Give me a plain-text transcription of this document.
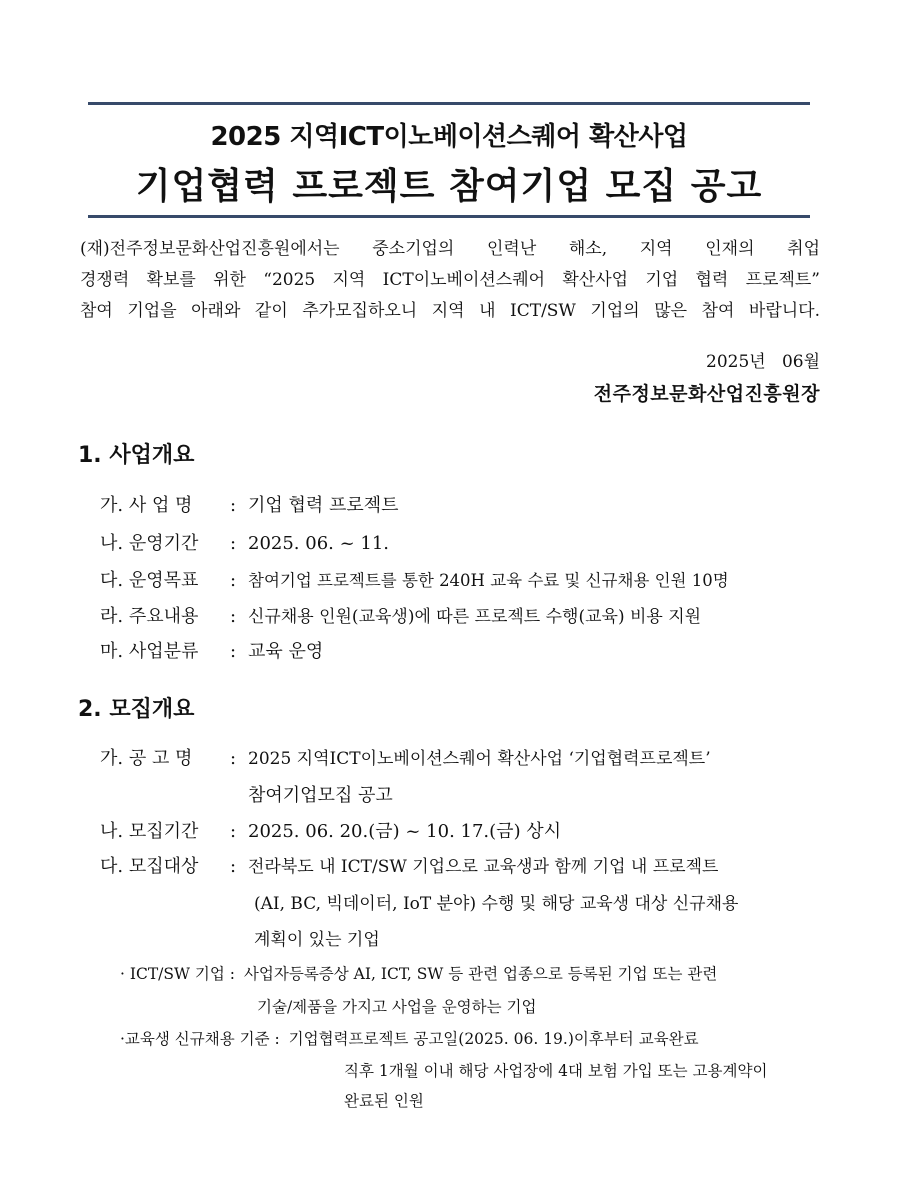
2025 지역ICT이노베이션스퀘어 확산사업
기업협력 프로젝트 참여기업 모집 공고
(재)전주정보문화산업진흥원에서는 중소기업의 인력난 해소, 지역 인재의 취업
경쟁력 확보를 위한 “2025 지역 ICT이노베이션스퀘어 확산사업 기업 협력 프로젝트”
참여 기업을 아래와 같이 추가모집하오니 지역 내 ICT/SW 기업의 많은 참여 바랍니다.
2025년   06월
전주정보문화산업진흥원장
1. 사업개요
가. 사 업 명 : 기업 협력 프로젝트
나. 운영기간 : 2025. 06. ~ 11.
다. 운영목표 : 참여기업 프로젝트를 통한 240H 교육 수료 및 신규채용 인원 10명
라. 주요내용 : 신규채용 인원(교육생)에 따른 프로젝트 수행(교육) 비용 지원
마. 사업분류 : 교육 운영
2. 모집개요
가. 공 고 명 : 2025 지역ICT이노베이션스퀘어 확산사업 ‘기업협력프로젝트’
참여기업모집 공고
나. 모집기간 : 2025. 06. 20.(금) ~ 10. 17.(금) 상시
다. 모집대상 : 전라북도 내 ICT/SW 기업으로 교육생과 함께 기업 내 프로젝트
(AI, BC, 빅데이터, IoT 분야) 수행 및 해당 교육생 대상 신규채용
계획이 있는 기업
· ICT/SW 기업 : 사업자등록증상 AI, ICT, SW 등 관련 업종으로 등록된 기업 또는 관련
기술/제품을 가지고 사업을 운영하는 기업
·교육생 신규채용 기준 : 기업협력프로젝트 공고일(2025. 06. 19.)이후부터 교육완료
직후 1개월 이내 해당 사업장에 4대 보험 가입 또는 고용계약이
완료된 인원
